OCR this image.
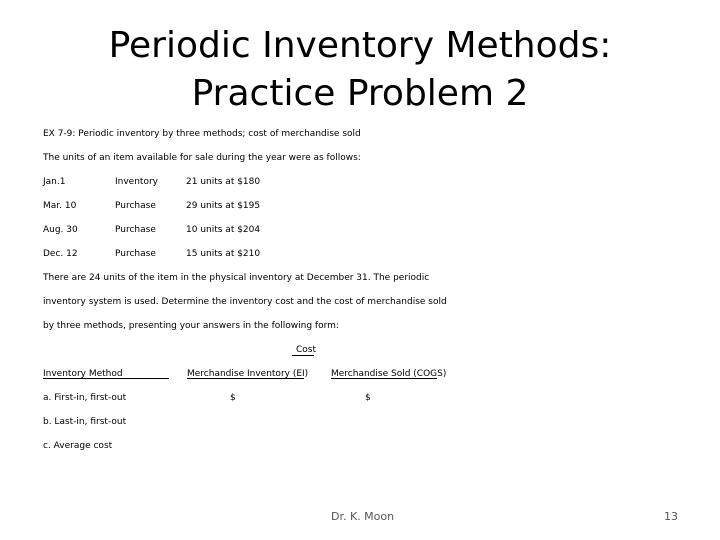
Periodic Inventory Methods:
Practice Problem 2
EX 7-9: Periodic inventory by three methods; cost of merchandise sold
The units of an item available for sale during the year were as follows:
Jan.1	Inventory	21 units at $180
Mar. 10	Purchase	29 units at $195
Aug. 30	Purchase	10 units at $204
Dec. 12	Purchase	15 units at $210
There are 24 units of the item in the physical inventory at December 31. The periodic
inventory system is used. Determine the inventory cost and the cost of merchandise sold
by three methods, presenting your answers in the following form:
Cost
Inventory Method	Merchandise Inventory (EI)	Merchandise Sold (COGS)
a. First-in, first-out	$	$
b. Last-in, first-out
c. Average cost
Dr. K. Moon	13
